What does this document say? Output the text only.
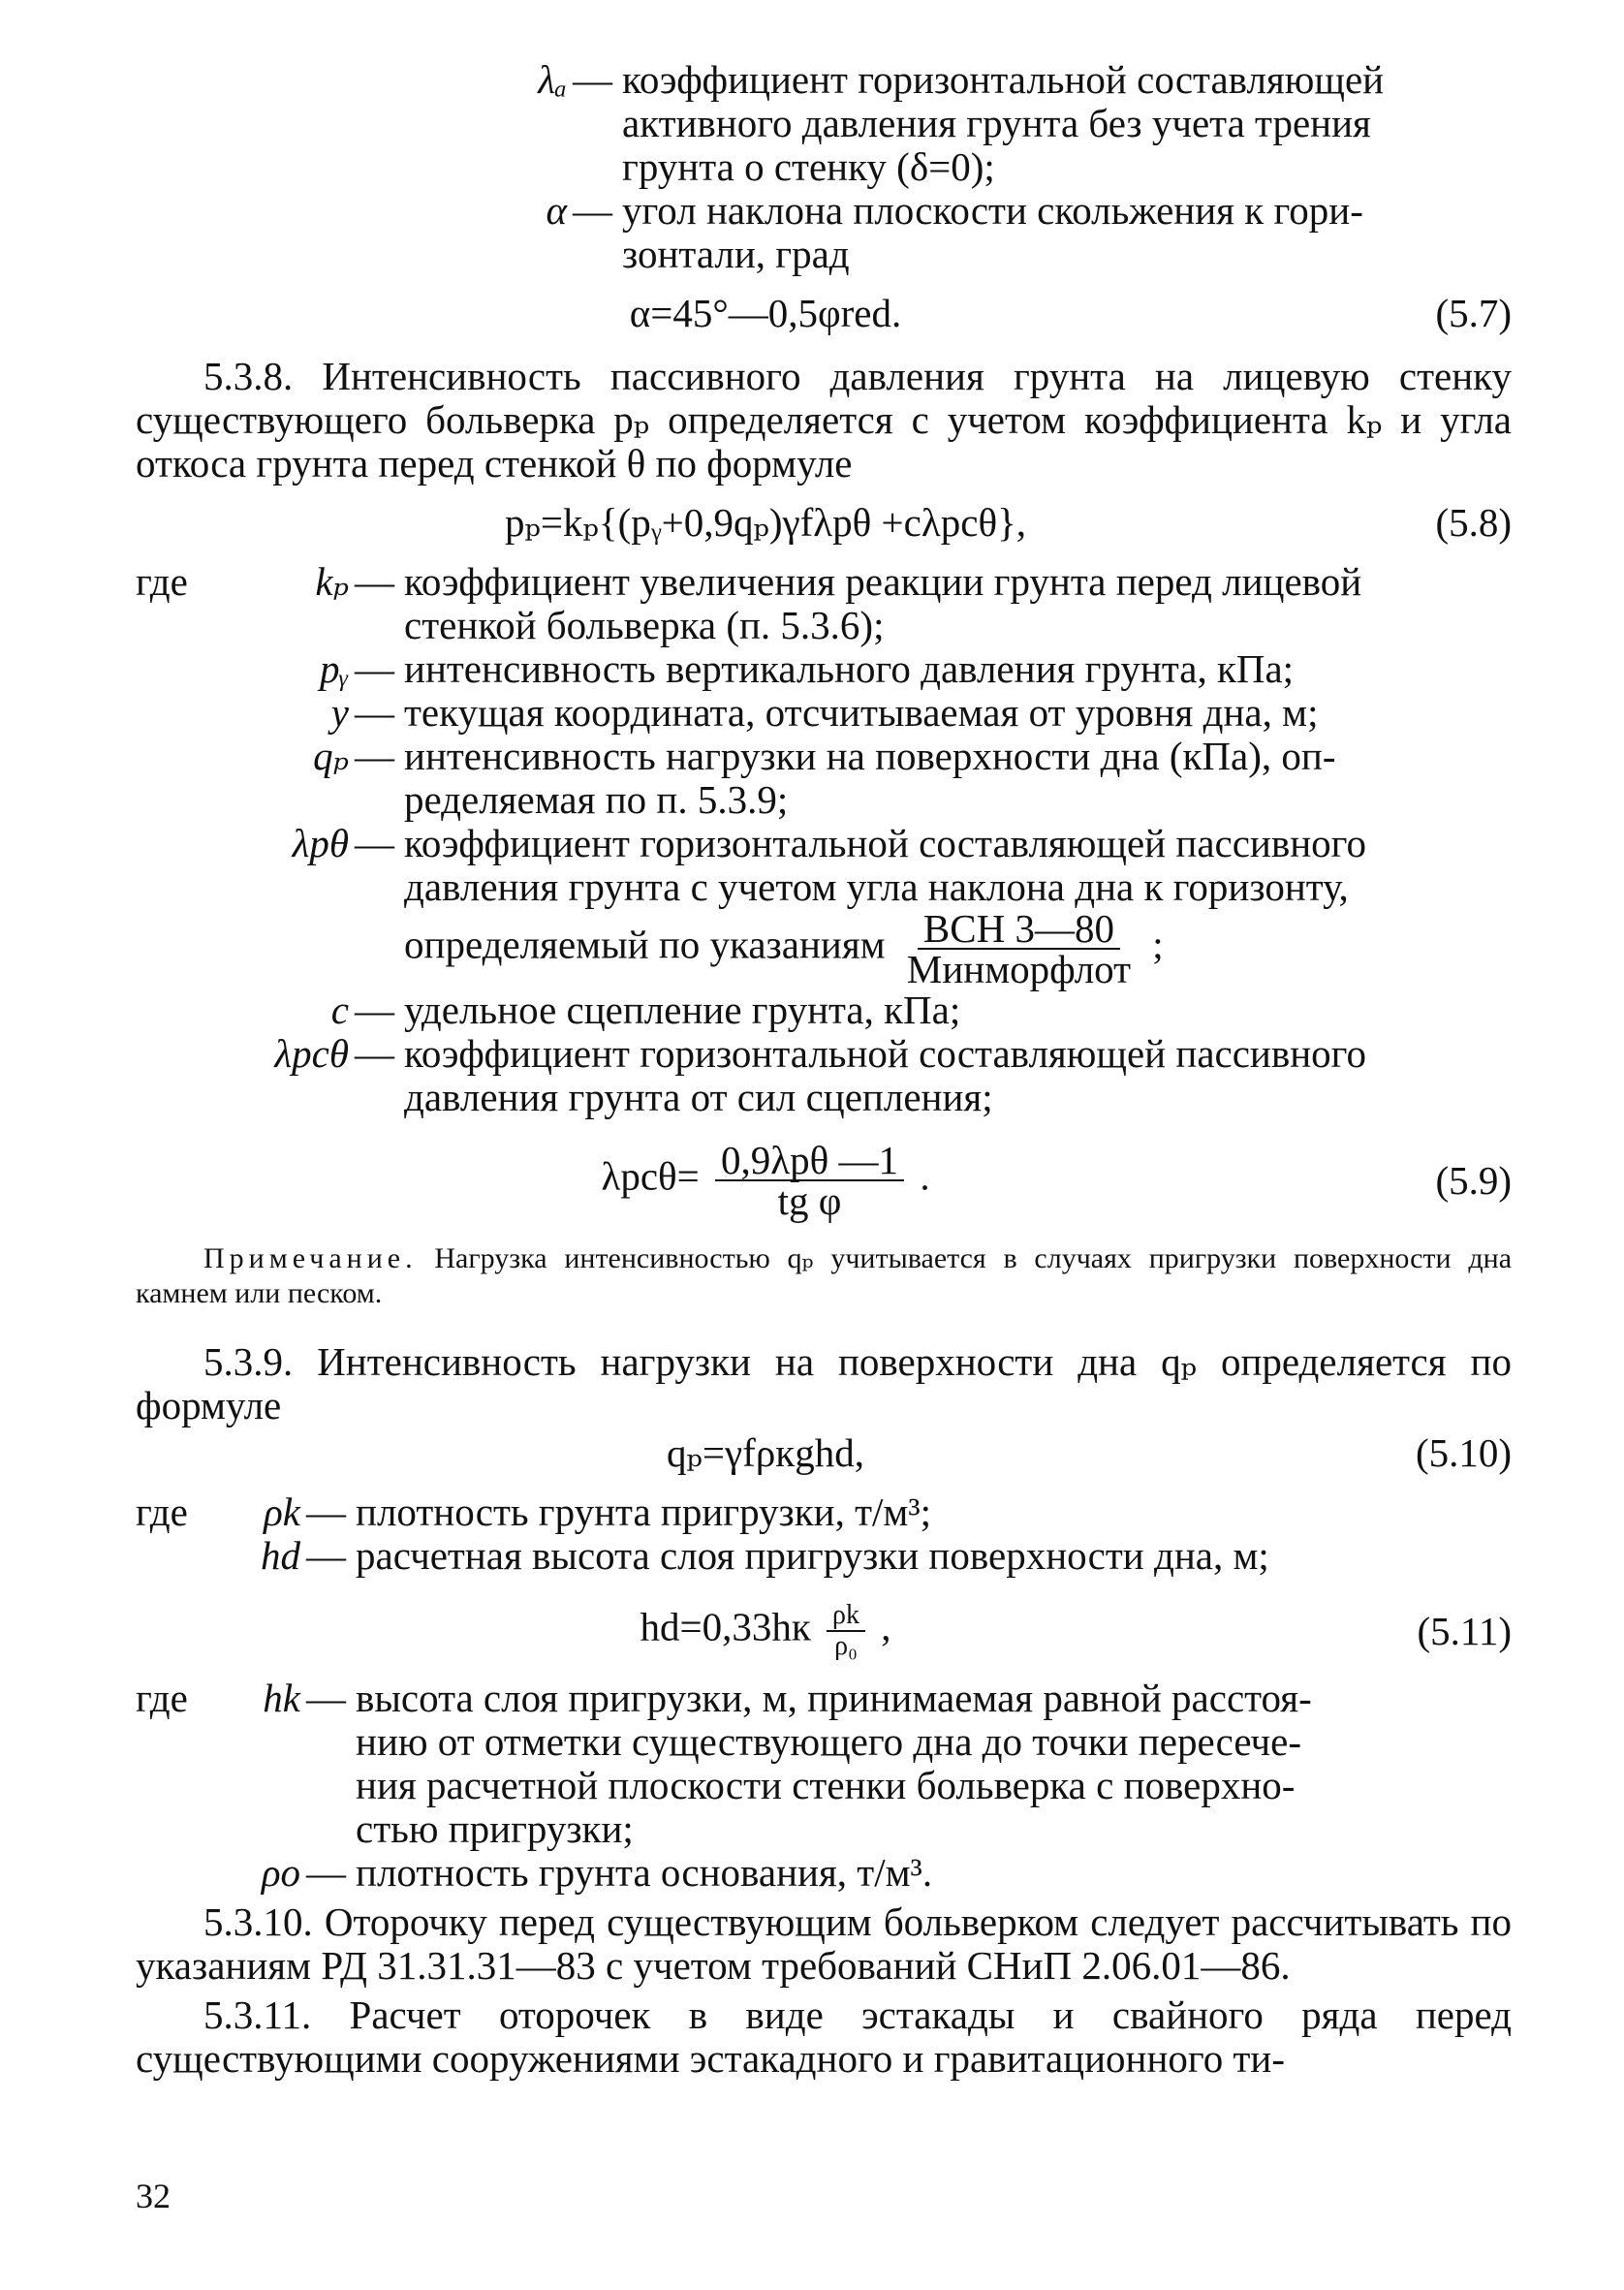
λₐ — коэффициент горизонтальной составляющей
активного давления грунта без учета трения
грунта о стенку (δ=0);
α — угол наклона плоскости скольжения к гори-
зонтали, град
α=45°—0,5φred.	(5.7)

5.3.8. Интенсивность пассивного давления грунта на лицевую стенку существующего больверка pₚ определяется с учетом коэффициента kₚ и угла откоса грунта перед стенкой θ по формуле

pₚ=kₚ{(pᵧ+0,9qₚ)γfλpθ +cλpcθ},	(5.8)
где	kₚ — коэффициент увеличения реакции грунта перед лицевой
стенкой больверка (п. 5.3.6);
pᵧ — интенсивность вертикального давления грунта, кПа;
y — текущая координата, отсчитываемая от уровня дна, м;
qₚ — интенсивность нагрузки на поверхности дна (кПа), оп-
ределяемая по п. 5.3.9;
λpθ — коэффициент горизонтальной составляющей пассивного
давления грунта с учетом угла наклона дна к горизонту,
определяемый по указаниям $\frac{\text{ВСН 3—80}}{\text{Минморфлот}}$ ;
c — удельное сцепление грунта, кПа;
λpcθ — коэффициент горизонтальной составляющей пассивного
давления грунта от сил сцепления;
$\lambda pc\theta= \frac{\text{0,9λpθ —1}}{\text{tg φ}}$ .	(5.9)

Примечание. Нагрузка интенсивностью qₚ учитывается в случаях пригрузки поверхности дна камнем или песком.

5.3.9. Интенсивность нагрузки на поверхности дна qₚ определяется по формуле

qₚ=γfρкghd,	(5.10)
где	ρk — плотность грунта пригрузки, т/м³;
hd — расчетная высота слоя пригрузки поверхности дна, м;
$hd=0,33hк \frac{\rho k}{\text{ρ₀}}$ ,	(5.11)
где	hk — высота слоя пригрузки, м, принимаемая равной расстоя-
нию от отметки существующего дна до точки пересече-
ния расчетной плоскости стенки больверка с поверхно-
стью пригрузки;
ρо — плотность грунта основания, т/м³.

5.3.10. Оторочку перед существующим больверком следует рассчитывать по указаниям РД 31.31.31—83 с учетом требований СНиП 2.06.01—86.

5.3.11. Расчет оторочек в виде эстакады и свайного ряда перед существующими сооружениями эстакадного и гравитационного ти-

32
